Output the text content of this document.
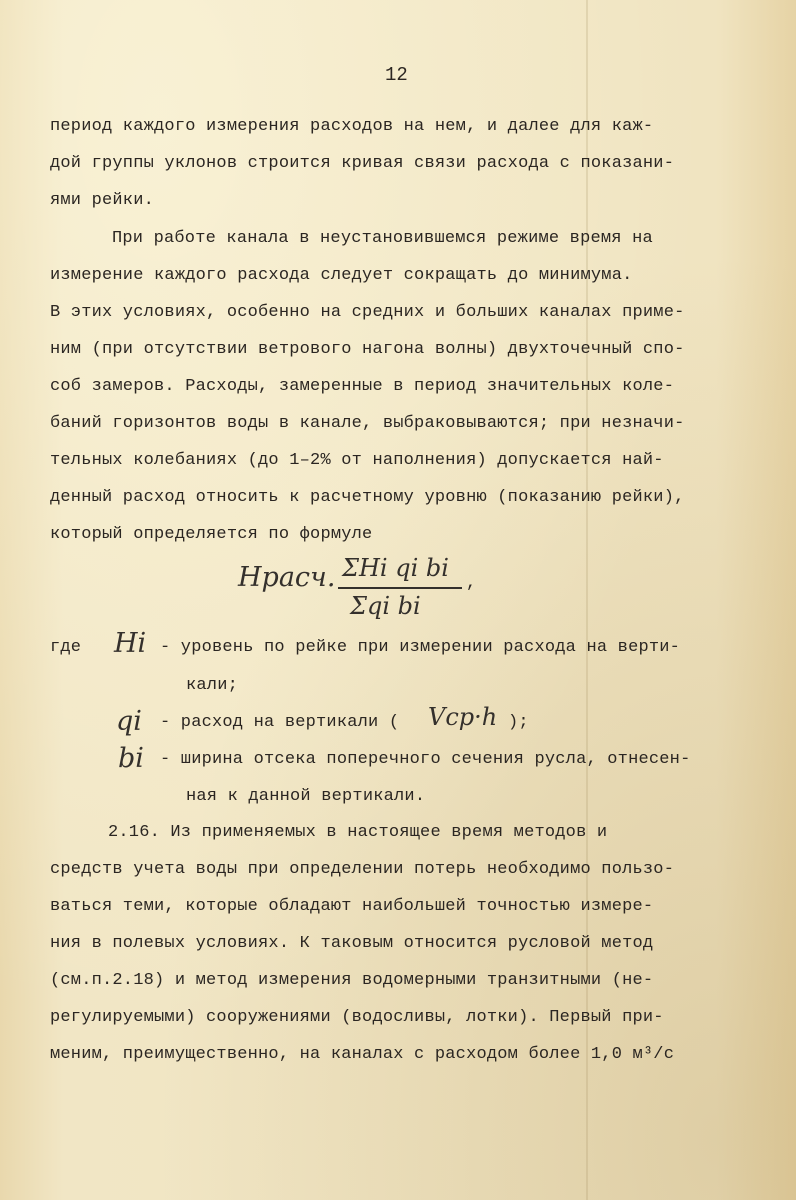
12
период каждого измерения расходов на нем, и далее для каж-
дой группы уклонов строится кривая связи расхода с показани-
ями рейки.
При работе канала в неустановившемся режиме время на
измерение каждого расхода следует сокращать до минимума.
В этих условиях, особенно на средних и больших каналах приме-
ним (при отсутствии ветрового нагона волны) двухточечный спо-
соб замеров. Расходы, замеренные в период значительных коле-
баний горизонтов воды в канале, выбраковываются; при незначи-
тельных колебаниях (до 1–2% от наполнения) допускается най-
денный расход относить к расчетному уровню (показанию рейки),
который определяется по формуле
Hрасч. ΣHi qi bi
Σqi bi
,
где Hi - уровень по рейке при измерении расхода на верти-
кали;
qi - расход на вертикали ( Vср·h );
bi - ширина отсека поперечного сечения русла, отнесен-
ная к данной вертикали.
2.16. Из применяемых в настоящее время методов и
средств учета воды при определении потерь необходимо пользо-
ваться теми, которые обладают наибольшей точностью измере-
ния в полевых условиях. К таковым относится русловой метод
(см.п.2.18) и метод измерения водомерными транзитными (не-
регулируемыми) сооружениями (водосливы, лотки). Первый при-
меним, преимущественно, на каналах с расходом более 1,0 м³/с
